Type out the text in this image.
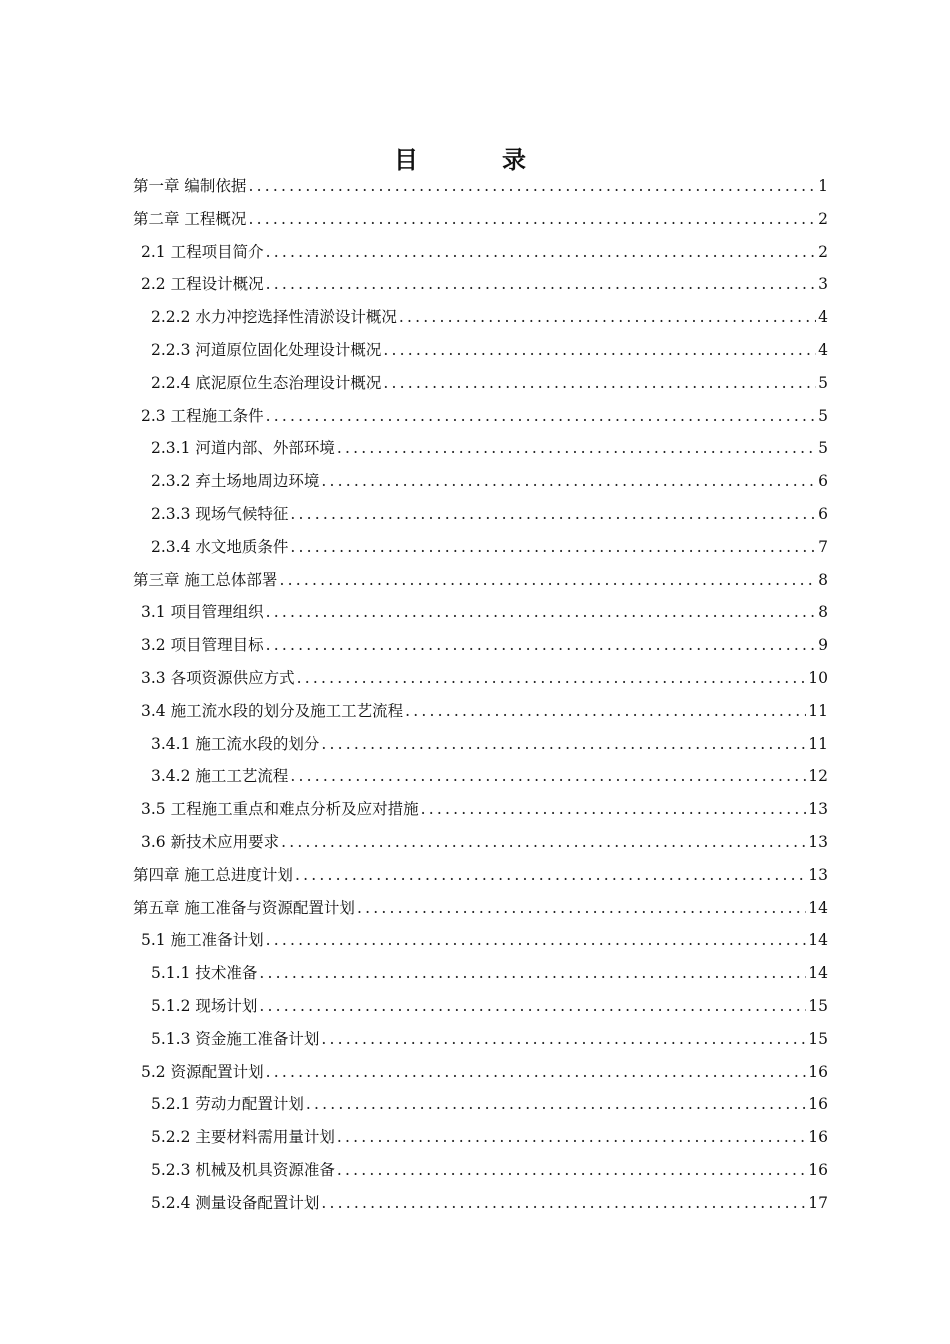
目　录
第一章 编制依据 .....	1
第二章 工程概况 .....	2
2.1 工程项目简介 .....	2
2.2 工程设计概况 .....	3
2.2.2 水力冲挖选择性清淤设计概况 .....	4
2.2.3 河道原位固化处理设计概况 .....	4
2.2.4 底泥原位生态治理设计概况 .....	5
2.3 工程施工条件 .....	5
2.3.1 河道内部、外部环境 .....	5
2.3.2 弃土场地周边环境 .....	6
2.3.3 现场气候特征 .....	6
2.3.4 水文地质条件 .....	7
第三章 施工总体部署 .....	8
3.1 项目管理组织 .....	8
3.2 项目管理目标 .....	9
3.3 各项资源供应方式 .....	10
3.4 施工流水段的划分及施工工艺流程 .....	11
3.4.1 施工流水段的划分 .....	11
3.4.2 施工工艺流程 .....	12
3.5 工程施工重点和难点分析及应对措施 .....	13
3.6 新技术应用要求 .....	13
第四章 施工总进度计划 .....	13
第五章 施工准备与资源配置计划 .....	14
5.1 施工准备计划 .....	14
5.1.1 技术准备 .....	14
5.1.2 现场计划 .....	15
5.1.3 资金施工准备计划 .....	15
5.2 资源配置计划 .....	16
5.2.1 劳动力配置计划 .....	16
5.2.2 主要材料需用量计划 .....	16
5.2.3 机械及机具资源准备 .....	16
5.2.4 测量设备配置计划 .....	17
